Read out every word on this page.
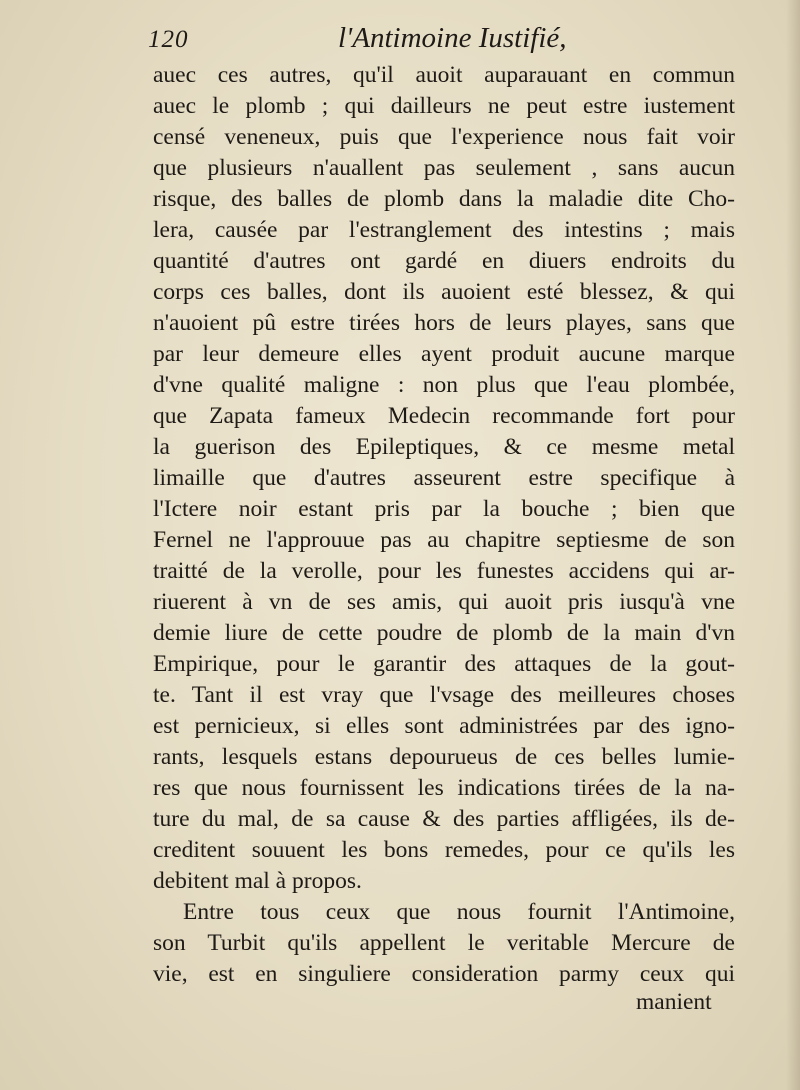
120	l'Antimoine Iustifié,
auec ces autres, qu'il auoit auparauant en commun
auec le plomb ; qui dailleurs ne peut estre iustement
censé veneneux, puis que l'experience nous fait voir
que plusieurs n'auallent pas seulement , sans aucun
risque, des balles de plomb dans la maladie dite Cho-
lera, causée par l'estranglement des intestins ; mais
quantité d'autres ont gardé en diuers endroits du
corps ces balles, dont ils auoient esté blessez, & qui
n'auoient pû estre tirées hors de leurs playes, sans que
par leur demeure elles ayent produit aucune marque
d'vne qualité maligne : non plus que l'eau plombée,
que Zapata fameux Medecin recommande fort pour
la guerison des Epileptiques, & ce mesme metal
limaille que d'autres asseurent estre specifique à
l'Ictere noir estant pris par la bouche ; bien que
Fernel ne l'approuue pas au chapitre septiesme de son
traitté de la verolle, pour les funestes accidens qui ar-
riuerent à vn de ses amis, qui auoit pris iusqu'à vne
demie liure de cette poudre de plomb de la main d'vn
Empirique, pour le garantir des attaques de la gout-
te. Tant il est vray que l'vsage des meilleures choses
est pernicieux, si elles sont administrées par des igno-
rants, lesquels estans depourueus de ces belles lumie-
res que nous fournissent les indications tirées de la na-
ture du mal, de sa cause & des parties affligées, ils de-
creditent souuent les bons remedes, pour ce qu'ils les
debitent mal à propos.
Entre tous ceux que nous fournit l'Antimoine,
son Turbit qu'ils appellent le veritable Mercure de
vie, est en singuliere consideration parmy ceux qui
manient
